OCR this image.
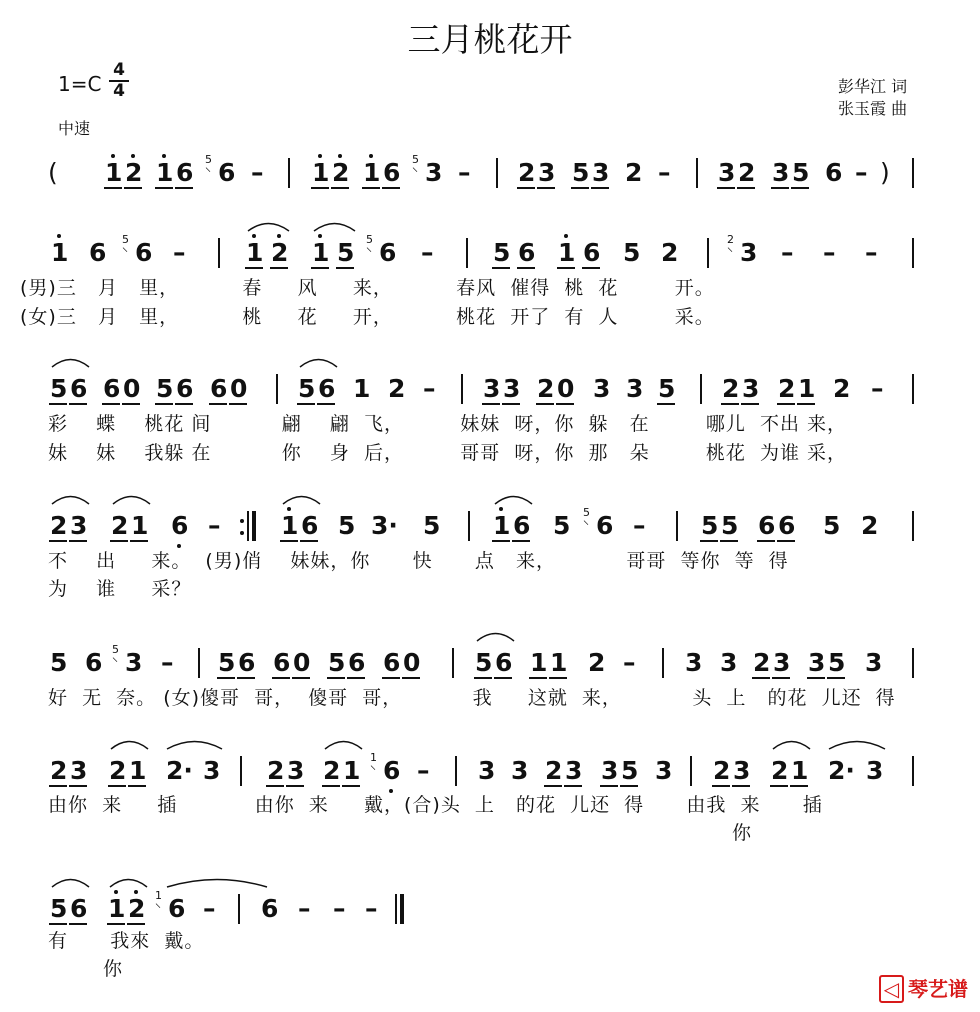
三月桃花开
1=C
4
4
中速
彭华江 词
张玉霞 曲
(	)
1 2 1 6 6
5
⸌ – 1 2 1 6 3
5
⸌ – 2 3 5 3 2 – 3 2 3 5 6 –
1 6 6
5
⸌ – 1 2 1 5 6
5
⸌ – 5 6 1 6 5 2 3
2
⸌ – – –
(男)三   月   里，         春     风     来，         春风  催得  桃  花        开。
(女)三   月   里，         桃     花     开，         桃花  开了  有  人        采。
5 6 6 0 5 6 6 0 5 6 1 2 – 3 3 2 0 3 3 5 2 3 2 1 2 –
彩    蝶    桃花 间          翩    翩  飞，        妹妹  呀，你  躲   在        哪儿  不出 来，
妹    妹    我躲 在          你    身  后，        哥哥  呀，你  那   朵        桃花  为谁 采，
2 3 2 1 6 – 1 6 5 3· 5 1 6 5 6
5
⸌ – 5 5 6 6 5 2
不    出     来。  (男)俏    妹妹，你      快      点   来，          哥哥  等你  等  得
为    谁     采？
5 6 3
5
⸌ – 5 6 6 0 5 6 6 0 5 6 1 1 2 – 3 3 2 3 3 5 3
好  无  奈。 (女)傻哥  哥，  傻哥  哥，          我     这就  来，          头  上   的花  儿还  得
2 3 2 1 2· 3 2 3 2 1 6
1
⸌ – 3 3 2 3 3 5 3 2 3 2 1 2· 3
由你  来     插           由你  来     戴，(合)头  上   的花  儿还  得      由我  来      插
你
5 6 1 2 6
1
⸌ – 6 – – –
有      我來  戴。
你
◁ 琴艺谱
